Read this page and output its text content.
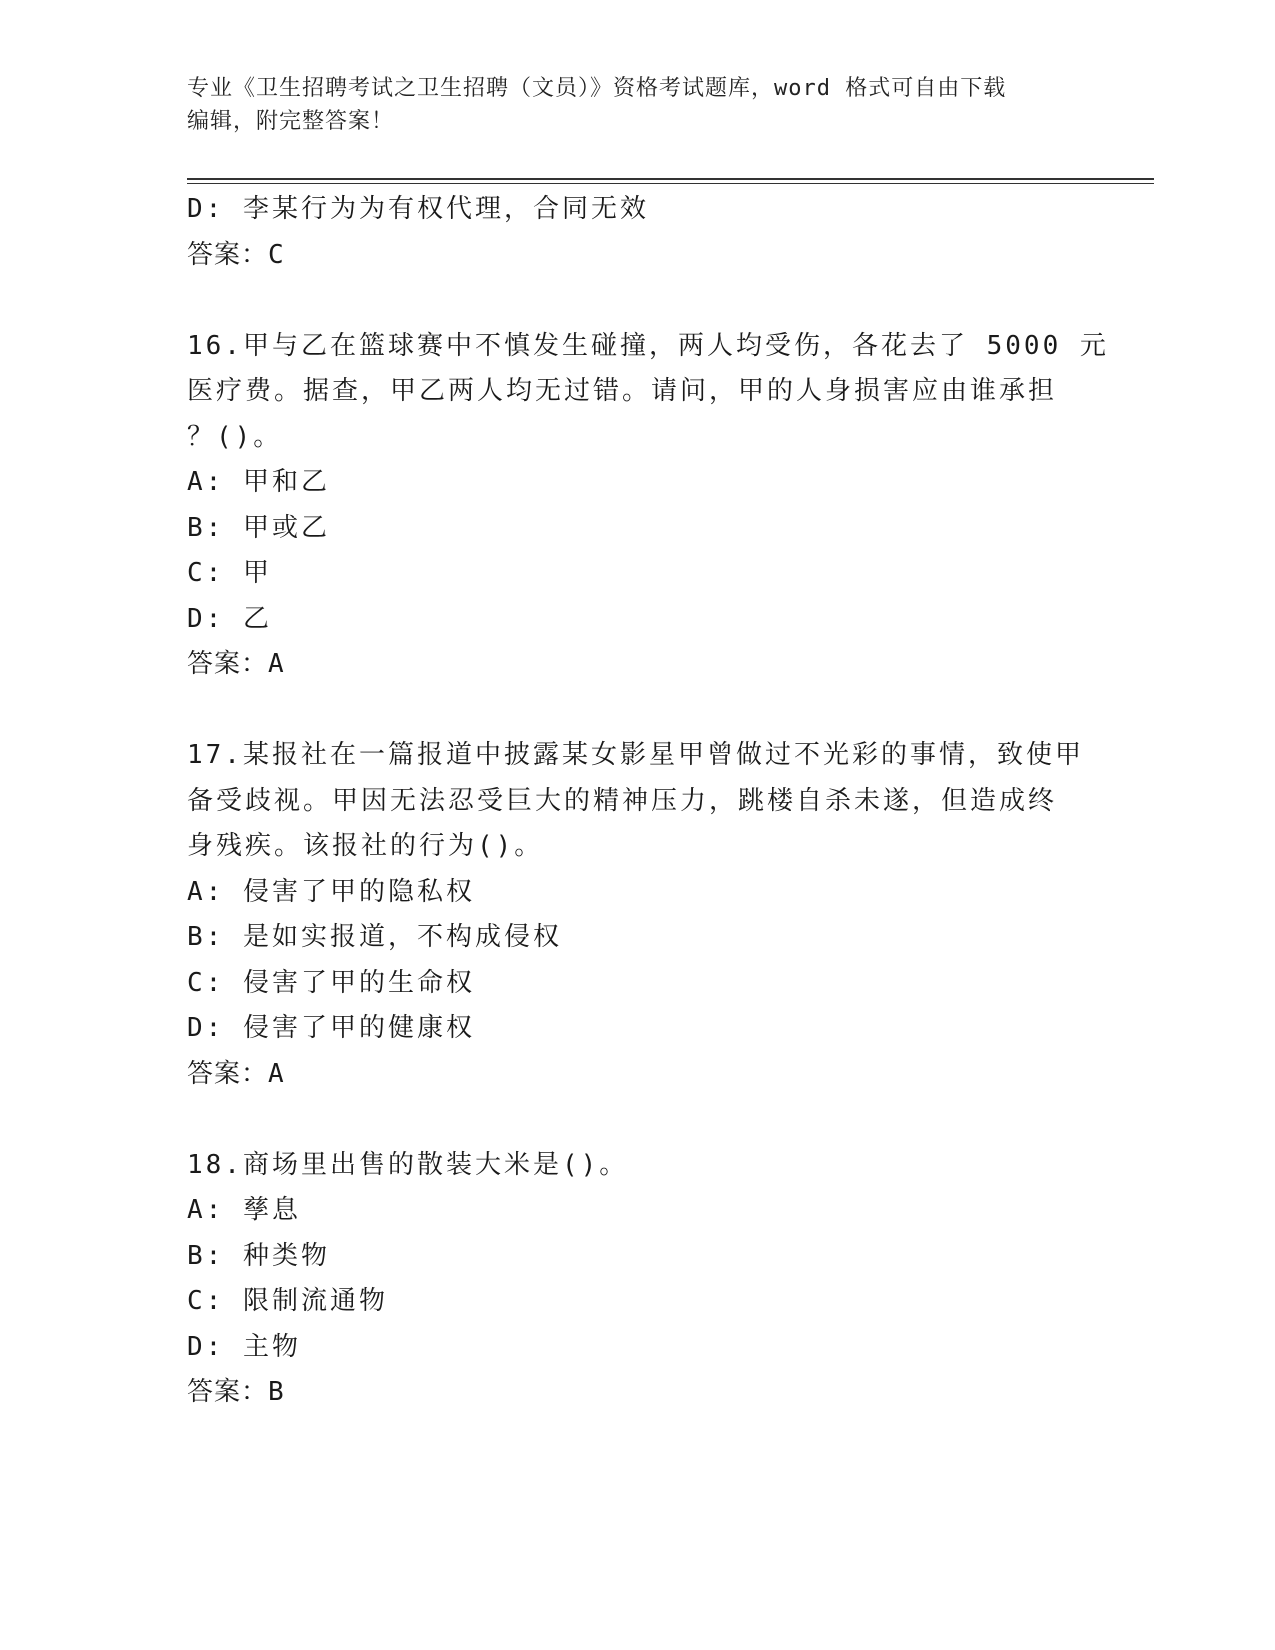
专业《卫生招聘考试之卫生招聘（文员）》资格考试题库，word 格式可自由下载
编辑，附完整答案！
D: 李某行为为有权代理，合同无效
答案：C
16.甲与乙在篮球赛中不慎发生碰撞，两人均受伤，各花去了 5000 元
医疗费。据查，甲乙两人均无过错。请问，甲的人身损害应由谁承担
？()。
A: 甲和乙
B: 甲或乙
C: 甲
D: 乙
答案：A
17.某报社在一篇报道中披露某女影星甲曾做过不光彩的事情，致使甲
备受歧视。甲因无法忍受巨大的精神压力，跳楼自杀未遂，但造成终
身残疾。该报社的行为()。
A: 侵害了甲的隐私权
B: 是如实报道，不构成侵权
C: 侵害了甲的生命权
D: 侵害了甲的健康权
答案：A
18.商场里出售的散装大米是()。
A: 孳息
B: 种类物
C: 限制流通物
D: 主物
答案：B
